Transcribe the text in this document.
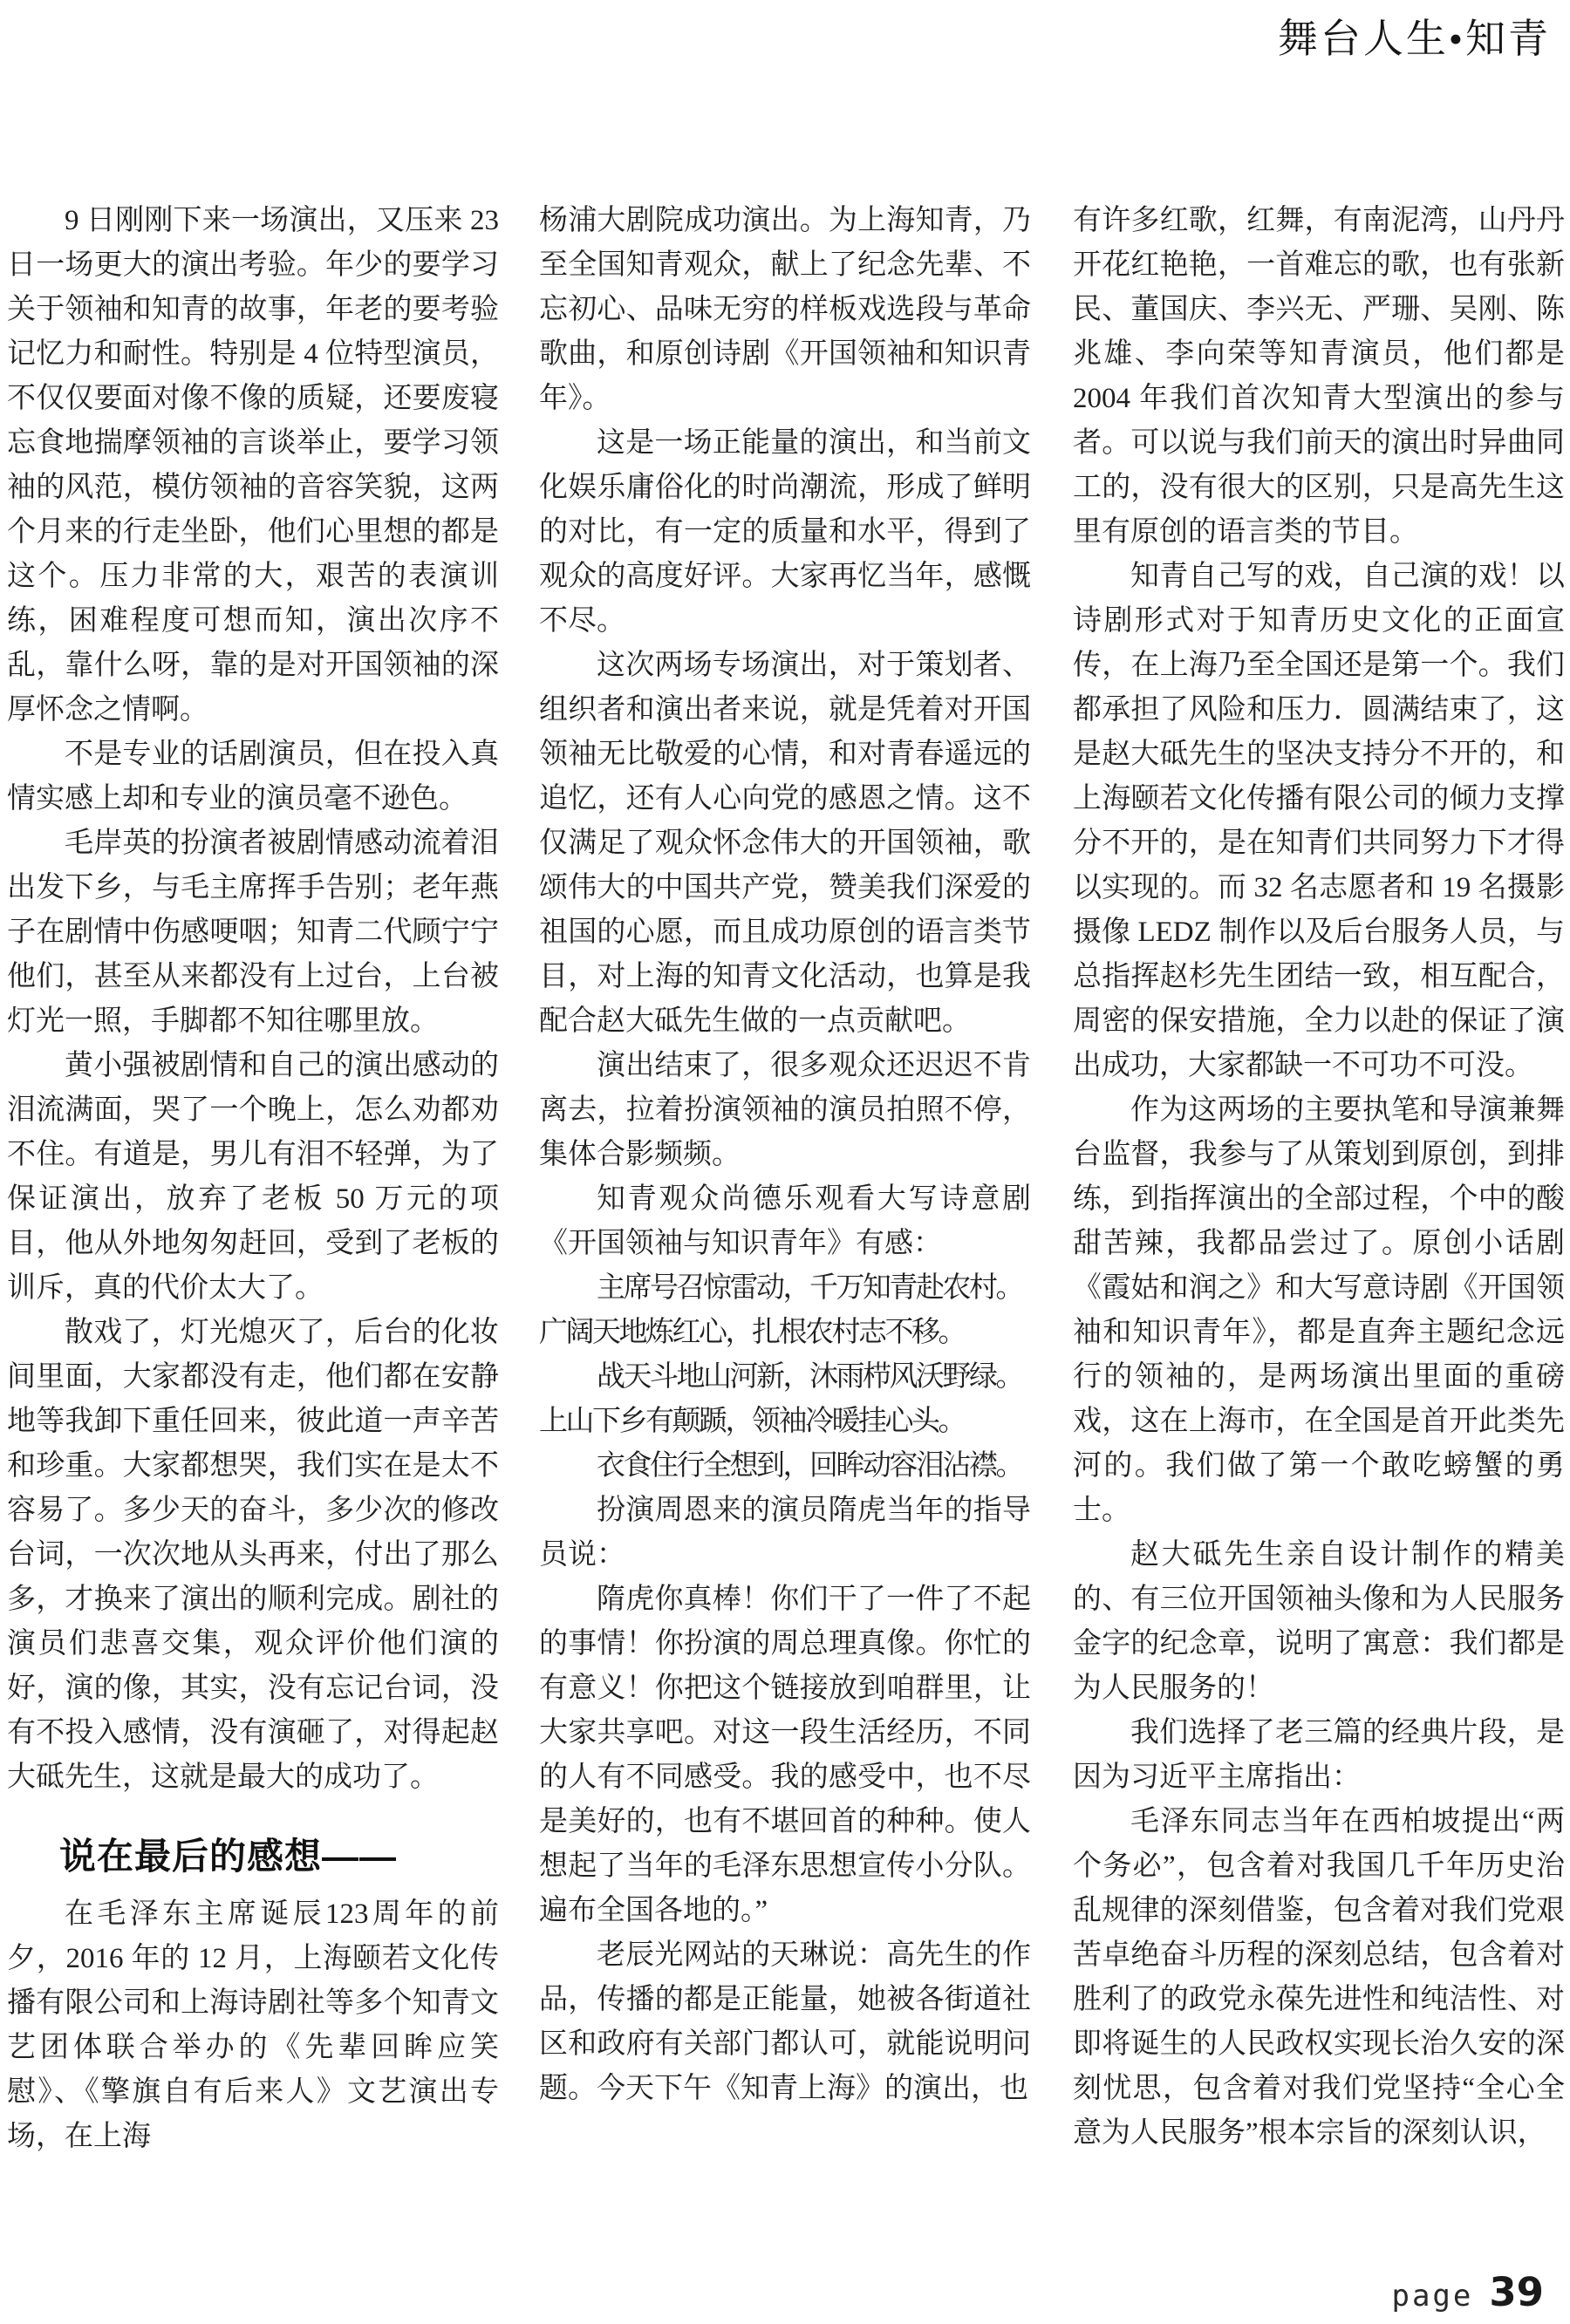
舞台人生•知青

9 日刚刚下来一场演出，又压来 23 日一场更大的演出考验。年少的要学习关于领袖和知青的故事，年老的要考验记忆力和耐性。特别是 4 位特型演员，不仅仅要面对像不像的质疑，还要废寝忘食地揣摩领袖的言谈举止，要学习领袖的风范，模仿领袖的音容笑貌，这两个月来的行走坐卧，他们心里想的都是这个。压力非常的大，艰苦的表演训练，困难程度可想而知，演出次序不乱，靠什么呀，靠的是对开国领袖的深厚怀念之情啊。

不是专业的话剧演员，但在投入真情实感上却和专业的演员毫不逊色。

毛岸英的扮演者被剧情感动流着泪出发下乡，与毛主席挥手告别；老年燕子在剧情中伤感哽咽；知青二代顾宁宁他们，甚至从来都没有上过台，上台被灯光一照，手脚都不知往哪里放。

黄小强被剧情和自己的演出感动的泪流满面，哭了一个晚上，怎么劝都劝不住。有道是，男儿有泪不轻弹，为了保证演出，放弃了老板 50 万元的项目，他从外地匆匆赶回，受到了老板的训斥，真的代价太大了。

散戏了，灯光熄灭了，后台的化妆间里面，大家都没有走，他们都在安静地等我卸下重任回来，彼此道一声辛苦和珍重。大家都想哭，我们实在是太不容易了。多少天的奋斗，多少次的修改台词，一次次地从头再来，付出了那么多，才换来了演出的顺利完成。剧社的演员们悲喜交集，观众评价他们演的好，演的像，其实，没有忘记台词，没有不投入感情，没有演砸了，对得起赵大砥先生，这就是最大的成功了。

说在最后的感想——

在毛泽东主席诞辰123周年的前夕，2016 年的 12 月，上海颐若文化传播有限公司和上海诗剧社等多个知青文艺团体联合举办的《先辈回眸应笑慰》、《擎旗自有后来人》文艺演出专场，在上海

杨浦大剧院成功演出。为上海知青，乃至全国知青观众，献上了纪念先辈、不忘初心、品味无穷的样板戏选段与革命歌曲，和原创诗剧《开国领袖和知识青年》。

这是一场正能量的演出，和当前文化娱乐庸俗化的时尚潮流，形成了鲜明的对比，有一定的质量和水平，得到了观众的高度好评。大家再忆当年，感慨不尽。

这次两场专场演出，对于策划者、组织者和演出者来说，就是凭着对开国领袖无比敬爱的心情，和对青春遥远的追忆，还有人心向党的感恩之情。这不仅满足了观众怀念伟大的开国领袖，歌颂伟大的中国共产党，赞美我们深爱的祖国的心愿，而且成功原创的语言类节目，对上海的知青文化活动，也算是我配合赵大砥先生做的一点贡献吧。

演出结束了，很多观众还迟迟不肯离去，拉着扮演领袖的演员拍照不停，集体合影频频。

知青观众尚德乐观看大写诗意剧《开国领袖与知识青年》有感：

主席号召惊雷动，千万知青赴农村。

广阔天地炼红心，扎根农村志不移。

战天斗地山河新，沐雨栉风沃野绿。

上山下乡有颠踬，领袖冷暖挂心头。

衣食住行全想到，回眸动容泪沾襟。

扮演周恩来的演员隋虎当年的指导员说：

隋虎你真棒！你们干了一件了不起的事情！你扮演的周总理真像。你忙的有意义！你把这个链接放到咱群里，让大家共享吧。对这一段生活经历，不同的人有不同感受。我的感受中，也不尽是美好的，也有不堪回首的种种。使人想起了当年的毛泽东思想宣传小分队。遍布全国各地的。”

老辰光网站的天琳说：高先生的作品，传播的都是正能量，她被各街道社区和政府有关部门都认可，就能说明问题。今天下午《知青上海》的演出，也

有许多红歌，红舞，有南泥湾，山丹丹开花红艳艳，一首难忘的歌，也有张新民、董国庆、李兴无、严珊、吴刚、陈兆雄、李向荣等知青演员，他们都是 2004 年我们首次知青大型演出的参与者。可以说与我们前天的演出时异曲同工的，没有很大的区别，只是高先生这里有原创的语言类的节目。

知青自己写的戏，自己演的戏！以诗剧形式对于知青历史文化的正面宣传，在上海乃至全国还是第一个。我们都承担了风险和压力．圆满结束了，这是赵大砥先生的坚决支持分不开的，和上海颐若文化传播有限公司的倾力支撑分不开的，是在知青们共同努力下才得以实现的。而 32 名志愿者和 19 名摄影摄像 LEDZ 制作以及后台服务人员，与总指挥赵杉先生团结一致，相互配合，周密的保安措施，全力以赴的保证了演出成功，大家都缺一不可功不可没。

作为这两场的主要执笔和导演兼舞台监督，我参与了从策划到原创，到排练，到指挥演出的全部过程，个中的酸甜苦辣，我都品尝过了。原创小话剧《霞姑和润之》和大写意诗剧《开国领袖和知识青年》，都是直奔主题纪念远行的领袖的，是两场演出里面的重磅戏，这在上海市，在全国是首开此类先河的。我们做了第一个敢吃螃蟹的勇士。

赵大砥先生亲自设计制作的精美的、有三位开国领袖头像和为人民服务金字的纪念章，说明了寓意：我们都是为人民服务的！

我们选择了老三篇的经典片段，是因为习近平主席指出：

毛泽东同志当年在西柏坡提出“两个务必”，包含着对我国几千年历史治乱规律的深刻借鉴，包含着对我们党艰苦卓绝奋斗历程的深刻总结，包含着对胜利了的政党永葆先进性和纯洁性、对即将诞生的人民政权实现长治久安的深刻忧思，包含着对我们党坚持“全心全意为人民服务”根本宗旨的深刻认识，

page 39
